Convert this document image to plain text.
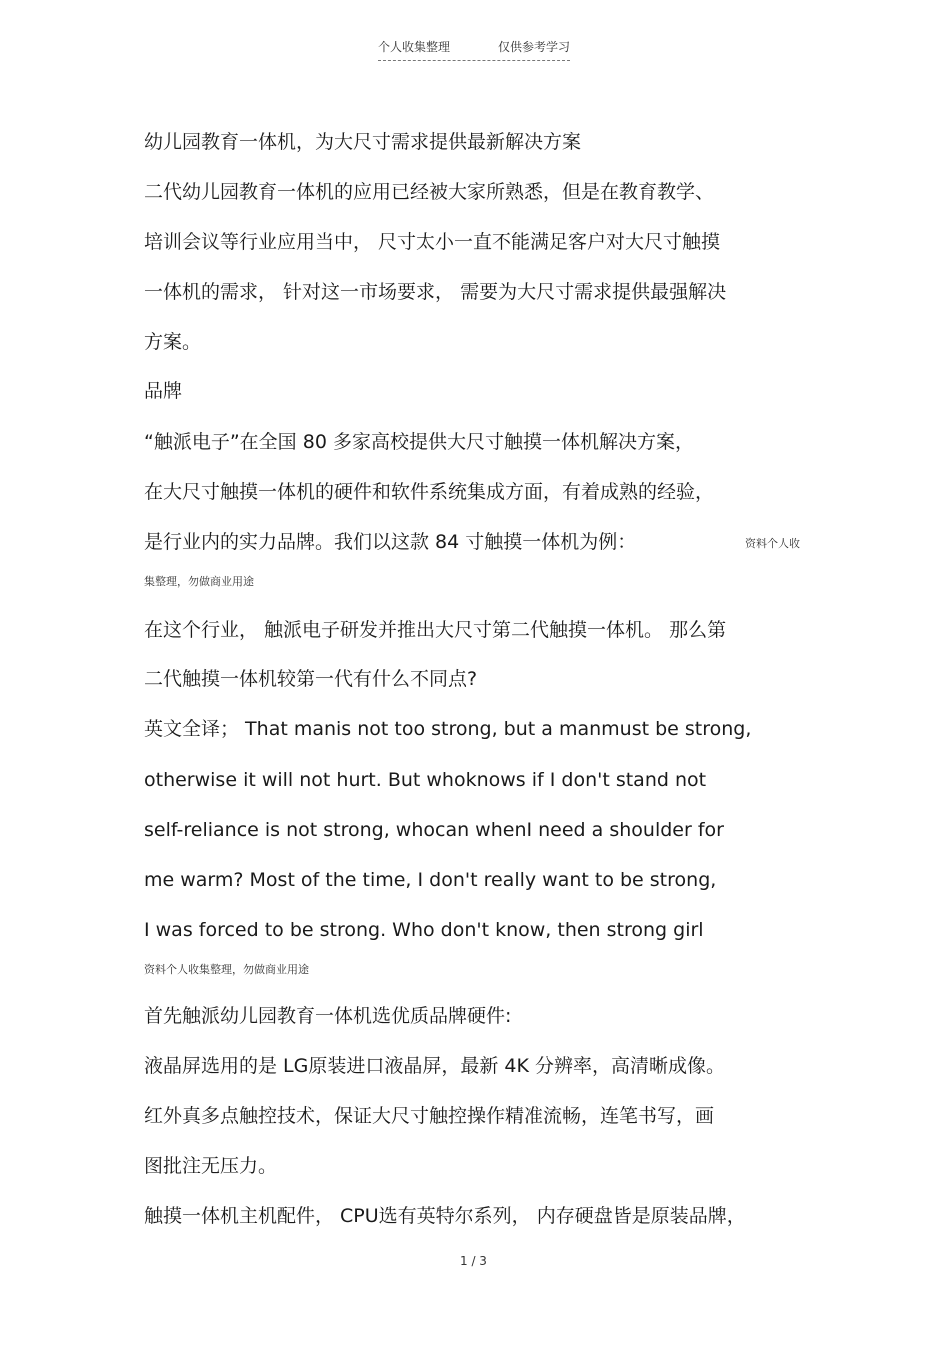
个人收集整理	仅供参考学习
幼儿园教育一体机，为大尺寸需求提供最新解决方案
二代幼儿园教育一体机的应用已经被大家所熟悉，但是在教育教学、
培训会议等行业应用当中， 尺寸太小一直不能满足客户对大尺寸触摸
一体机的需求， 针对这一市场要求， 需要为大尺寸需求提供最强解决
方案。
品牌
“触派电子”在全国 80 多家高校提供大尺寸触摸一体机解决方案，
在大尺寸触摸一体机的硬件和软件系统集成方面，有着成熟的经验，
是行业内的实力品牌。我们以这款 84 寸触摸一体机为例：	资料个人收
集整理，勿做商业用途
在这个行业， 触派电子研发并推出大尺寸第二代触摸一体机。 那么第
二代触摸一体机较第一代有什么不同点?
英文全译； That manis not too strong, but a manmust be strong,
otherwise it will not hurt. But whoknows if I don't stand not
self-reliance is not strong, whocan whenI need a shoulder for
me warm? Most of the time, I don't really want to be strong,
I was forced to be strong. Who don't know, then strong girl
资料个人收集整理，勿做商业用途
首先触派幼儿园教育一体机选优质品牌硬件:
液晶屏选用的是 LG原装进口液晶屏，最新 4K 分辨率，高清晰成像。
红外真多点触控技术，保证大尺寸触控操作精准流畅，连笔书写，画
图批注无压力。
触摸一体机主机配件， CPU选有英特尔系列， 内存硬盘皆是原装品牌，
1 / 3
